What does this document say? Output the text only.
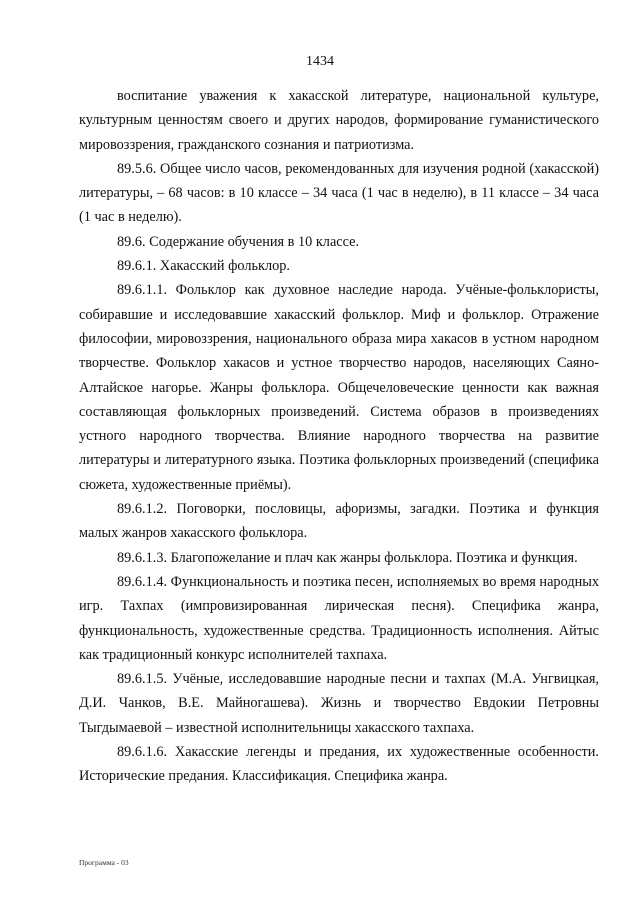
1434

воспитание уважения к хакасской литературе, национальной культуре, культурным ценностям своего и других народов, формирование гуманистического мировоззрения, гражданского сознания и патриотизма.

89.5.6. Общее число часов, рекомендованных для изучения родной (хакасской) литературы, – 68 часов: в 10 классе – 34 часа (1 час в неделю), в 11 классе – 34 часа (1 час в неделю).

89.6. Содержание обучения в 10 классе.

89.6.1. Хакасский фольклор.

89.6.1.1. Фольклор как духовное наследие народа. Учёные-фольклористы, собиравшие и исследовавшие хакасский фольклор. Миф и фольклор. Отражение философии, мировоззрения, национального образа мира хакасов в устном народном творчестве. Фольклор хакасов и устное творчество народов, населяющих Саяно-Алтайское нагорье. Жанры фольклора. Общечеловеческие ценности как важная составляющая фольклорных произведений. Система образов в произведениях устного народного творчества. Влияние народного творчества на развитие литературы и литературного языка. Поэтика фольклорных произведений (специфика сюжета, художественные приёмы).

89.6.1.2. Поговорки, пословицы, афоризмы, загадки. Поэтика и функция малых жанров хакасского фольклора.

89.6.1.3. Благопожелание и плач как жанры фольклора. Поэтика и функция.

89.6.1.4. Функциональность и поэтика песен, исполняемых во время народных игр. Тахпах (импровизированная лирическая песня). Специфика жанра, функциональность, художественные средства. Традиционность исполнения. Айтыс как традиционный конкурс исполнителей тахпаха.

89.6.1.5. Учёные, исследовавшие народные песни и тахпах (М.А. Унгвицкая, Д.И. Чанков, В.Е. Майногашева). Жизнь и творчество Евдокии Петровны Тыгдымаевой – известной исполнительницы хакасского тахпаха.

89.6.1.6. Хакасские легенды и предания, их художественные особенности. Исторические предания. Классификация. Специфика жанра.

Программа - 03
